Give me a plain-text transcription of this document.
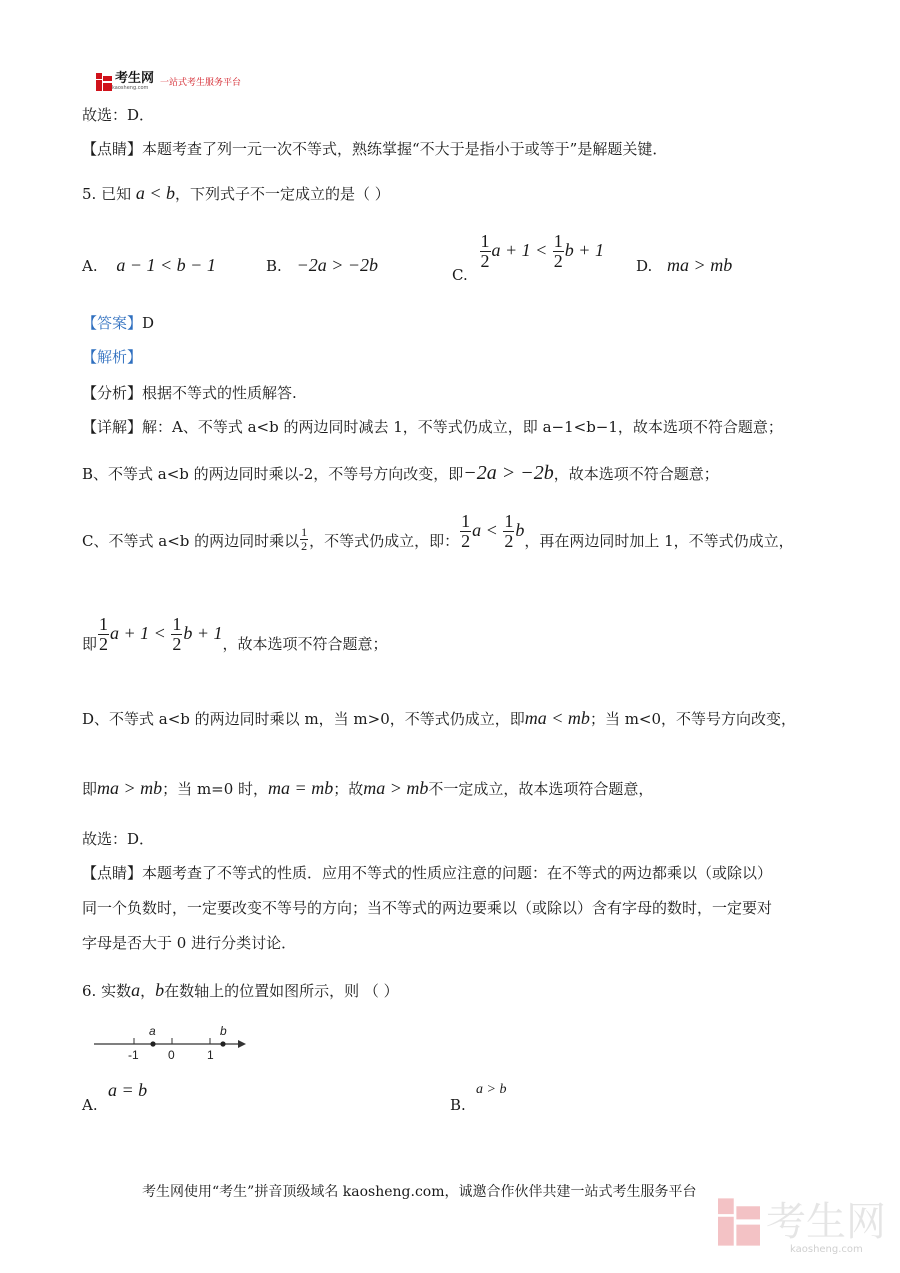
考生网
kaosheng.com	一站式考生服务平台
故选：D．
【点睛】本题考查了列一元一次不等式，熟练掌握“不大于是指小于或等于”是解题关键．
5. 已知 a < b，下列式子不一定成立的是（ ）
A. a − 1 < b − 1	B. −2a > −2b	C.
$\frac{1}{2}$ $a + 1 < \frac{1}{2}$ b + 1
D. ma > mb
【答案】D
【解析】
【分析】根据不等式的性质解答.
【详解】解：A、不等式 a<b 的两边同时减去 1，不等式仍成立，即 a−1<b−1，故本选项不符合题意；
B、不等式 a<b 的两边同时乘以-2，不等号方向改变，即−2a > −2b，故本选项不符合题意；
C、不等式 a<b 的两边同时乘以 $\frac{1}{2}$ ，不等式仍成立，即： $\frac{1}{2}$ $a < \frac{1}{2}$ b，再在两边同时加上 1，不等式仍成立，
即 $\frac{1}{2}$ $a + 1 < \frac{1}{2}$ b + 1，故本选项不符合题意；
D、不等式 a<b 的两边同时乘以 m，当 m>0，不等式仍成立，即ma < mb；当 m<0，不等号方向改变，
即ma > mb；当 m=0 时，ma = mb；故ma > mb不一定成立，故本选项符合题意，
故选：D．
【点睛】本题考查了不等式的性质．应用不等式的性质应注意的问题：在不等式的两边都乘以（或除以）
同一个负数时，一定要改变不等号的方向；当不等式的两边要乘以（或除以）含有字母的数时，一定要对
字母是否大于 0 进行分类讨论．
6. 实数a，b在数轴上的位置如图所示，则 （ ）
a	b
-1 0	1
A.
a = b
B.
a > b
考生网使用“考生”拼音顶级域名 kaosheng.com，诚邀合作伙伴共建一站式考生服务平台
考生网
kaosheng.com
